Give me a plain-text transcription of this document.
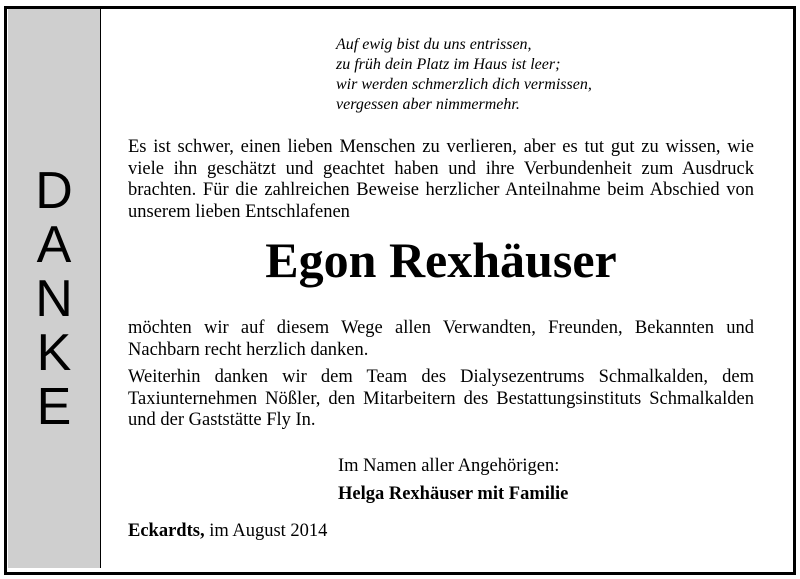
D
A
N
K
E
Auf ewig bist du uns entrissen,
zu früh dein Platz im Haus ist leer;
wir werden schmerzlich dich vermissen,
vergessen aber nimmermehr.
Es ist schwer, einen lieben Menschen zu verlieren, aber es tut gut zu wissen, wie viele ihn geschätzt und geachtet haben und ihre Verbundenheit zum Ausdruck brachten. Für die zahlreichen Beweise herzlicher Anteilnahme beim Abschied von unserem lieben Entschlafenen
Egon Rexhäuser
möchten wir auf diesem Wege allen Verwandten, Freunden, Bekannten und Nachbarn recht herzlich danken.
Weiterhin danken wir dem Team des Dialysezentrums Schmalkalden, dem Taxiunternehmen Nößler, den Mitarbeitern des Bestattungsinstituts Schmalkalden und der Gaststätte Fly In.
Im Namen aller Angehörigen:
Helga Rexhäuser mit Familie
Eckardts, im August 2014
